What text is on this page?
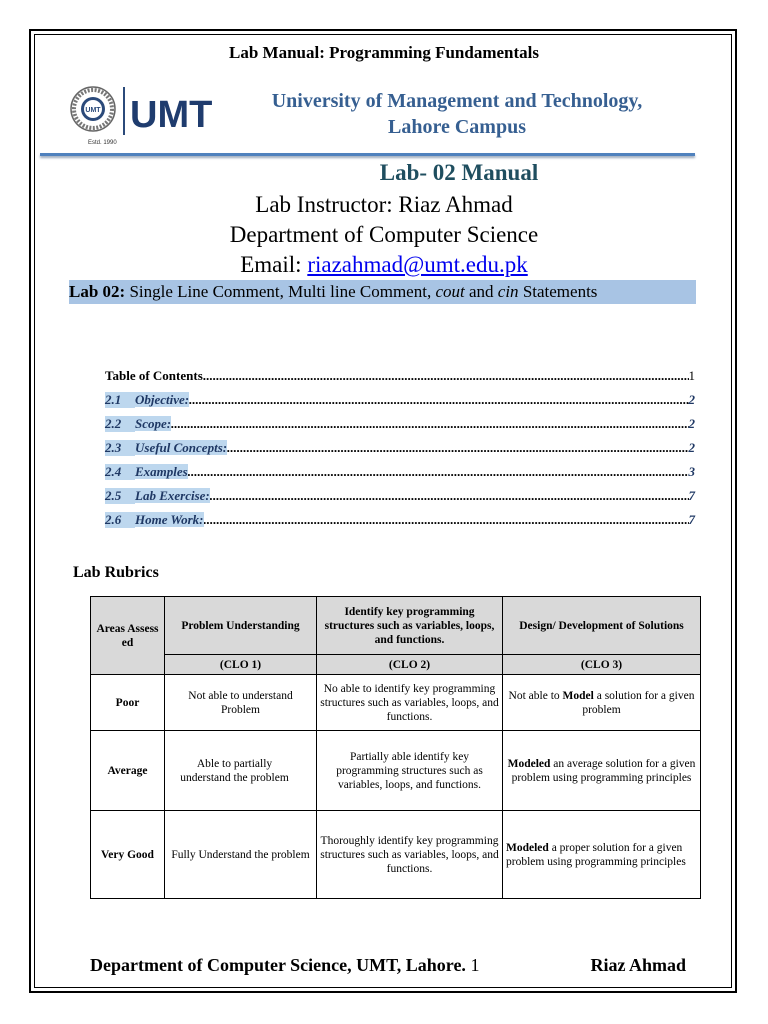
Lab Manual: Programming Fundamentals
UMT
Estd. 1990
UMT	University of Management and Technology,
Lahore Campus
Lab- 02 Manual
Lab Instructor: Riaz Ahmad
Department of Computer Science
Email: riazahmad@umt.edu.pk
Lab 02: Single Line Comment, Multi line Comment, cout and cin Statements
Table of Contents .....	1
2.1 Objective: .....	2
2.2 Scope: .....	2
2.3 Useful Concepts: .....	2
2.4 Examples .....	3
2.5 Lab Exercise: .....	7
2.6 Home Work: .....	7
Lab Rubrics
Areas Assessed	Problem Understanding	Identify key programming structures such as variables, loops, and functions.	Design/ Development of Solutions
	(CLO 1)	(CLO 2)	(CLO 3)
Poor	Not able to understand Problem	No able to identify key programming structures such as variables, loops, and functions.	Not able to Model a solution for a given problem
Average	Able to partially understand the problem	Partially able identify key programming structures such as variables, loops, and functions.	Modeled an average solution for a given problem using programming principles
Very Good	Fully Understand the problem	Thoroughly identify key programming structures such as variables, loops, and functions.	Modeled a proper solution for a given problem using programming principles
Department of Computer Science, UMT, Lahore. 1	Riaz Ahmad
